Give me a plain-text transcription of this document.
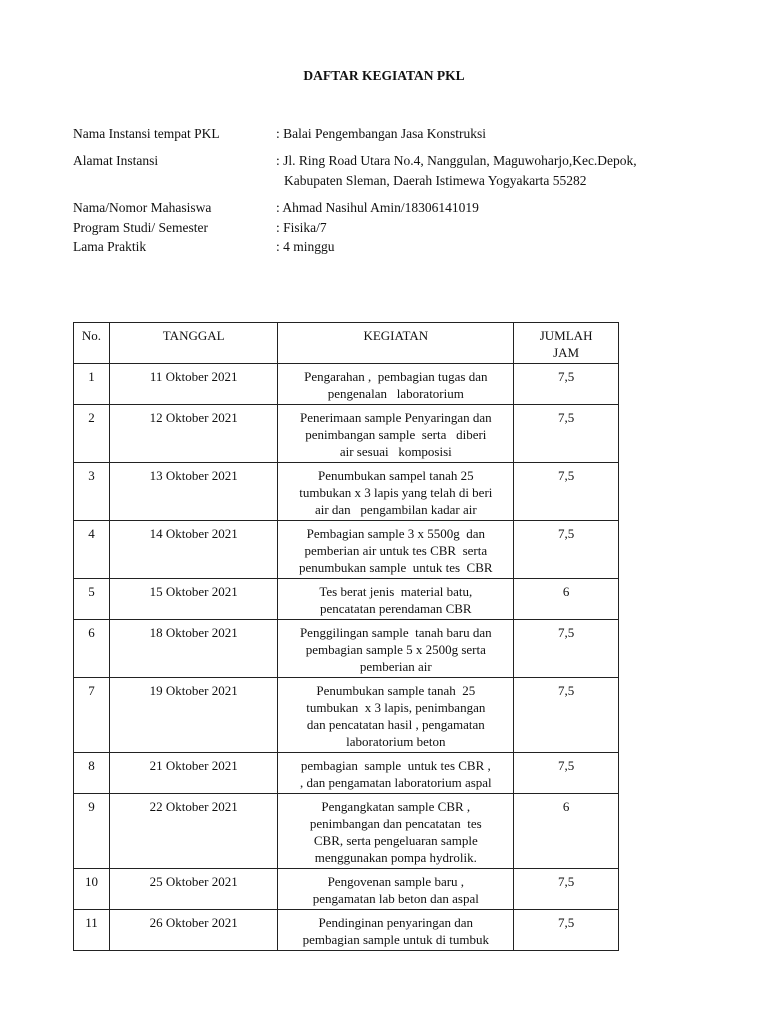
DAFTAR KEGIATAN PKL
Nama Instansi tempat PKL	: Balai Pengembangan Jasa Konstruksi
Alamat Instansi	: Jl. Ring Road Utara No.4, Nanggulan, Maguwoharjo,Kec.Depok,
Kabupaten Sleman, Daerah Istimewa Yogyakarta 55282
Nama/Nomor Mahasiswa	: Ahmad Nasihul Amin/18306141019
Program Studi/ Semester	: Fisika/7
Lama Praktik	: 4 minggu
No.	TANGGAL	KEGIATAN	JUMLAH
JAM

1	11 Oktober 2021	Pengarahan ,  pembagian tugas dan
pengenalan   laboratorium	7,5
2	12 Oktober 2021	Penerimaan sample Penyaringan dan
penimbangan sample  serta   diberi
air sesuai   komposisi	7,5
3	13 Oktober 2021	Penumbukan sampel tanah 25
tumbukan x 3 lapis yang telah di beri
air dan   pengambilan kadar air	7,5
4	14 Oktober 2021	Pembagian sample 3 x 5500g  dan
pemberian air untuk tes CBR  serta
penumbukan sample  untuk tes  CBR	7,5
5	15 Oktober 2021	Tes berat jenis  material batu,
pencatatan perendaman CBR	6
6	18 Oktober 2021	Penggilingan sample  tanah baru dan
pembagian sample 5 x 2500g serta
pemberian air	7,5
7	19 Oktober 2021	Penumbukan sample tanah  25
tumbukan  x 3 lapis, penimbangan
dan pencatatan hasil , pengamatan
laboratorium beton	7,5
8	21 Oktober 2021	pembagian  sample  untuk tes CBR ,
, dan pengamatan laboratorium aspal	7,5
9	22 Oktober 2021	Pengangkatan sample CBR ,
penimbangan dan pencatatan  tes
CBR, serta pengeluaran sample
menggunakan pompa hydrolik.	6
10	25 Oktober 2021	Pengovenan sample baru ,
pengamatan lab beton dan aspal	7,5
11	26 Oktober 2021	Pendinginan penyaringan dan
pembagian sample untuk di tumbuk	7,5
